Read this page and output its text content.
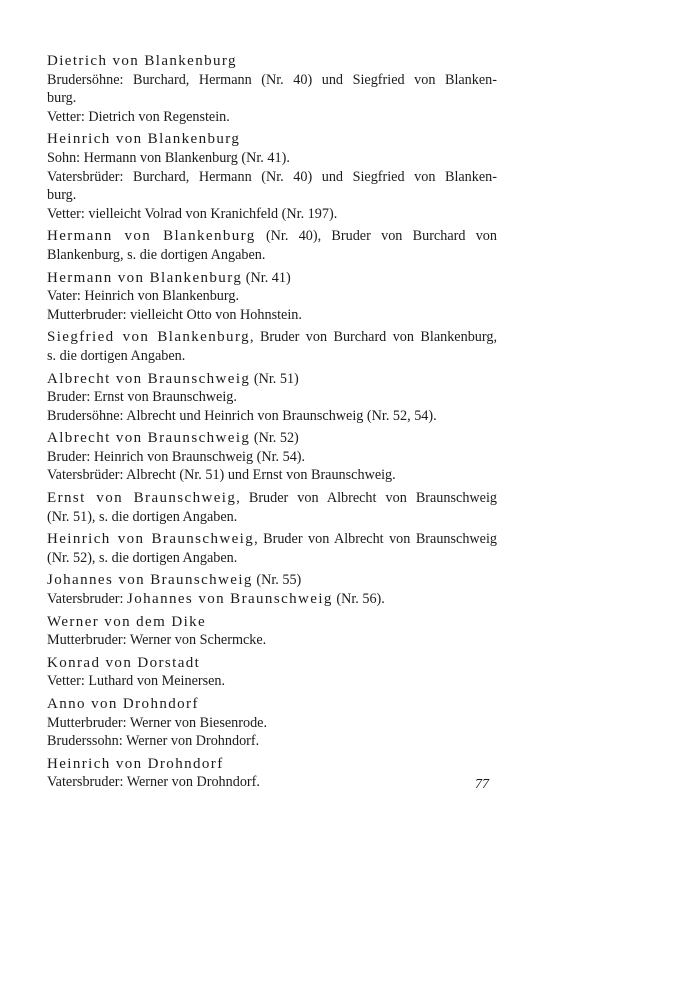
Dietrich von Blankenburg
Brudersöhne: Burchard, Hermann (Nr. 40) und Siegfried von Blanken-
burg.
Vetter: Dietrich von Regenstein.
Heinrich von Blankenburg
Sohn: Hermann von Blankenburg (Nr. 41).
Vatersbrüder: Burchard, Hermann (Nr. 40) und Siegfried von Blanken-
burg.
Vetter: vielleicht Volrad von Kranichfeld (Nr. 197).
Hermann von Blankenburg (Nr. 40), Bruder von Burchard von
Blankenburg, s. die dortigen Angaben.
Hermann von Blankenburg (Nr. 41)
Vater: Heinrich von Blankenburg.
Mutterbruder: vielleicht Otto von Hohnstein.
Siegfried von Blankenburg, Bruder von Burchard von Blankenburg,
s. die dortigen Angaben.
Albrecht von Braunschweig (Nr. 51)
Bruder: Ernst von Braunschweig.
Brudersöhne: Albrecht und Heinrich von Braunschweig (Nr. 52, 54).
Albrecht von Braunschweig (Nr. 52)
Bruder: Heinrich von Braunschweig (Nr. 54).
Vatersbrüder: Albrecht (Nr. 51) und Ernst von Braunschweig.
Ernst von Braunschweig, Bruder von Albrecht von Braunschweig
(Nr. 51), s. die dortigen Angaben.
Heinrich von Braunschweig, Bruder von Albrecht von Braunschweig
(Nr. 52), s. die dortigen Angaben.
Johannes von Braunschweig (Nr. 55)
Vatersbruder: Johannes von Braunschweig (Nr. 56).
Werner von dem Dike
Mutterbruder: Werner von Schermcke.
Konrad von Dorstadt
Vetter: Luthard von Meinersen.
Anno von Drohndorf
Mutterbruder: Werner von Biesenrode.
Bruderssohn: Werner von Drohndorf.
Heinrich von Drohndorf
Vatersbruder: Werner von Drohndorf.	77
